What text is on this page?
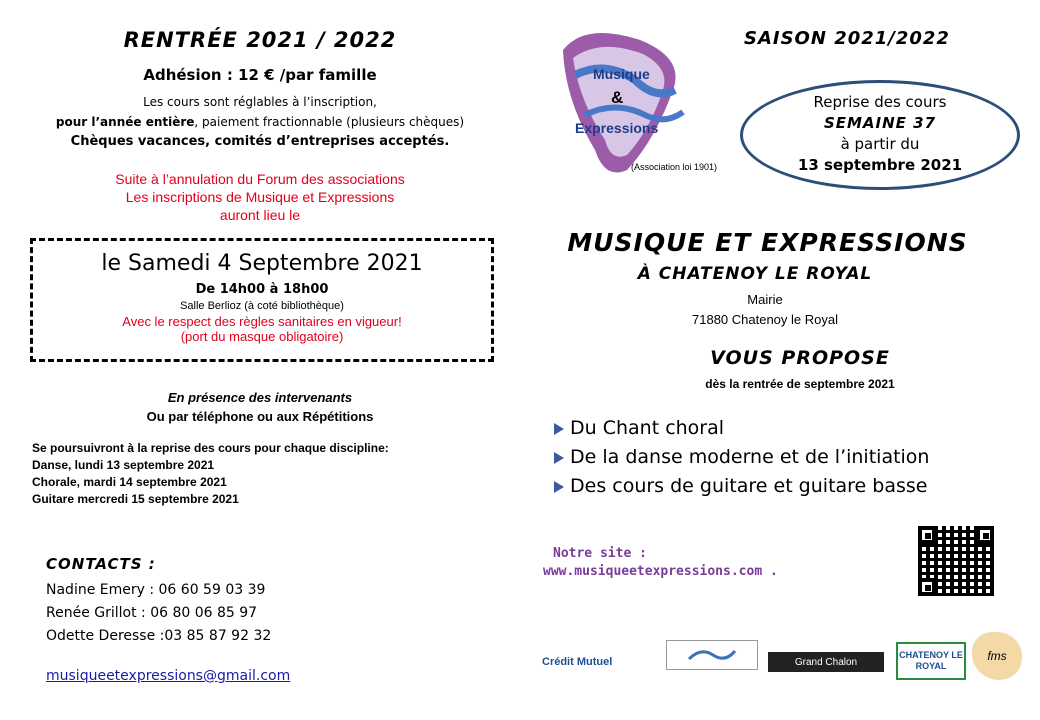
RENTRÉE 2021 / 2022
Adhésion : 12 € /par famille
Les cours sont réglables à l’inscription,
pour l’année entière, paiement fractionnable (plusieurs chèques)
Chèques vacances, comités d’entreprises acceptés.
Suite à l’annulation du Forum des associations
Les inscriptions de Musique et Expressions
auront lieu le
le Samedi 4 Septembre 2021
De 14h00 à 18h00
Salle Berlioz (à coté bibliothèque)
Avec le respect des règles sanitaires en vigueur!
(port du masque obligatoire)
En présence des intervenants
Ou par téléphone ou aux Répétitions
Se poursuivront à la reprise des cours pour chaque discipline:
Danse, lundi 13 septembre 2021
Chorale, mardi 14 septembre 2021
Guitare mercredi 15 septembre 2021
CONTACTS :
Nadine Emery : 06 60 59 03 39
Renée Grillot : 06 80 06 85 97
Odette Deresse :03 85 87 92 32
musiqueetexpressions@gmail.com
Musique
&
Expressions
(Association loi 1901)
SAISON 2021/2022
Reprise des cours
SEMAINE 37
à partir du
13 septembre 2021
MUSIQUE ET EXPRESSIONS
À CHATENOY LE ROYAL
Mairie
71880 Chatenoy le Royal
VOUS PROPOSE
dès la rentrée de septembre 2021
Du Chant choral
De la danse moderne et de l’initiation
Des cours de guitare et guitare basse
Notre site :
www.musiqueetexpressions.com .
Crédit Mutuel	Grand Chalon
CHATENOY LE ROYAL
fms
